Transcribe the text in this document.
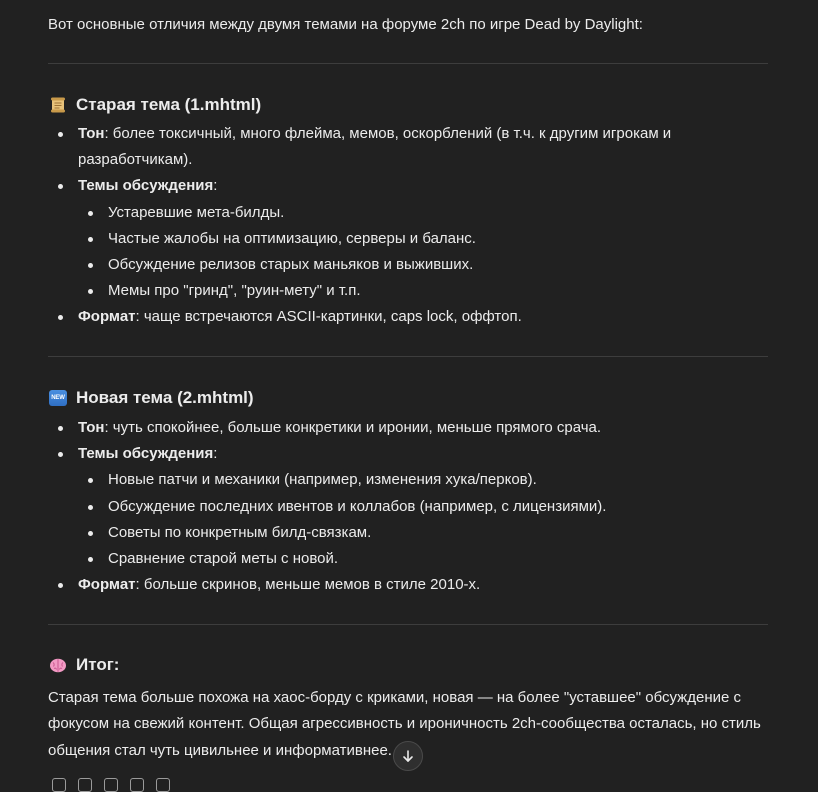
Вот основные отличия между двумя темами на форуме 2ch по игре Dead by Daylight:
Старая тема (1.mhtml)
Тон: более токсичный, много флейма, мемов, оскорблений (в т.ч. к другим игрокам и разработчикам).
Темы обсуждения:
Устаревшие мета-билды.
Частые жалобы на оптимизацию, серверы и баланс.
Обсуждение релизов старых маньяков и выживших.
Мемы про "гринд", "руин-мету" и т.п.
Формат: чаще встречаются ASCII-картинки, caps lock, оффтоп.
NEW Новая тема (2.mhtml)
Тон: чуть спокойнее, больше конкретики и иронии, меньше прямого срача.
Темы обсуждения:
Новые патчи и механики (например, изменения хука/перков).
Обсуждение последних ивентов и коллабов (например, с лицензиями).
Советы по конкретным билд-связкам.
Сравнение старой меты с новой.
Формат: больше скринов, меньше мемов в стиле 2010-х.
Итог:
Старая тема больше похожа на хаос-борду с криками, новая — на более "уставшее" обсуждение с фокусом на свежий контент. Общая агрессивность и ироничность 2ch-сообщества осталась, но стиль общения стал чуть цивильнее и информативнее.
